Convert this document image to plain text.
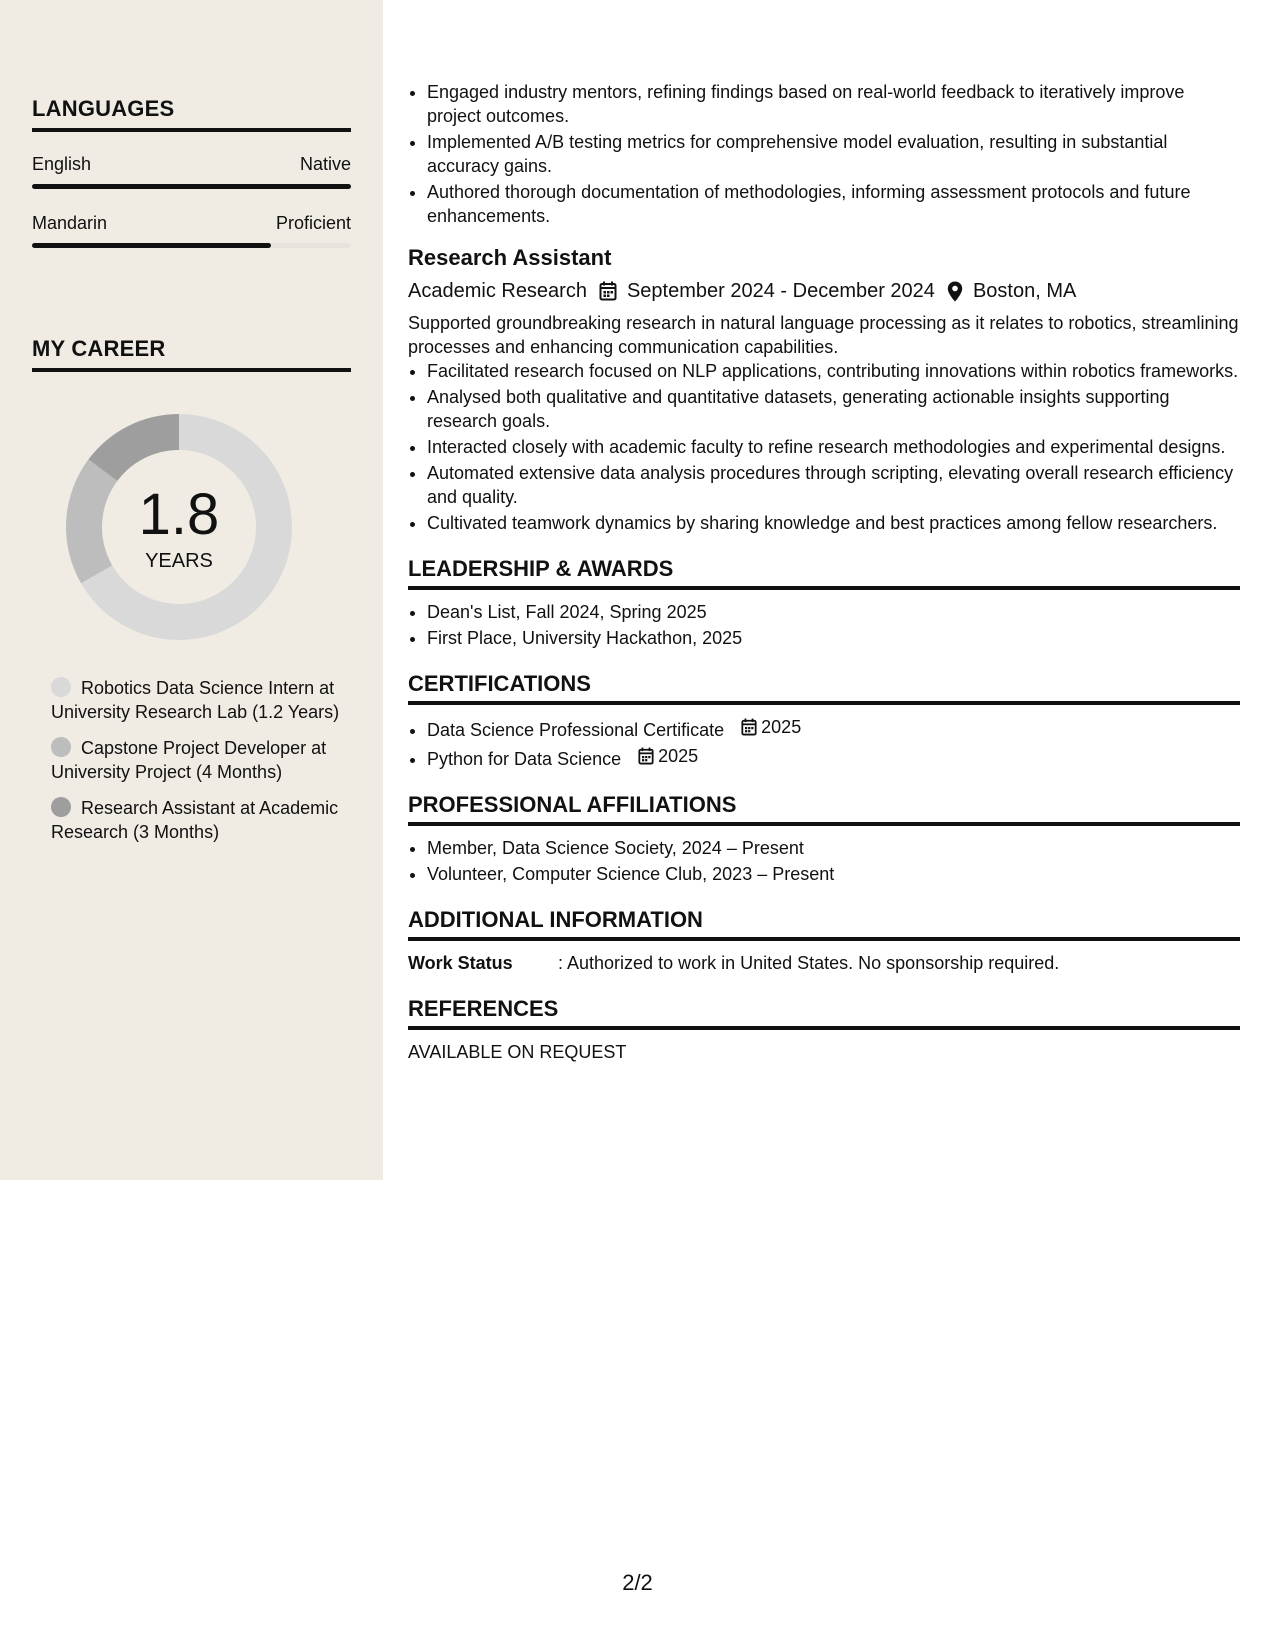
LANGUAGES
English	Native
Mandarin	Proficient
MY CAREER
1.8
YEARS
Robotics Data Science Intern at University Research Lab (1.2 Years)
Capstone Project Developer at University Project (4 Months)
Research Assistant at Academic Research (3 Months)
• Engaged industry mentors, refining findings based on real-world feedback to iteratively improve project outcomes.
• Implemented A/B testing metrics for comprehensive model evaluation, resulting in substantial accuracy gains.
• Authored thorough documentation of methodologies, informing assessment protocols and future enhancements.
Research Assistant
Academic Research September 2024 - December 2024 Boston, MA
Supported groundbreaking research in natural language processing as it relates to robotics, streamlining processes and enhancing communication capabilities.
• Facilitated research focused on NLP applications, contributing innovations within robotics frameworks.
• Analysed both qualitative and quantitative datasets, generating actionable insights supporting research goals.
• Interacted closely with academic faculty to refine research methodologies and experimental designs.
• Automated extensive data analysis procedures through scripting, elevating overall research efficiency and quality.
• Cultivated teamwork dynamics by sharing knowledge and best practices among fellow researchers.
LEADERSHIP & AWARDS
• Dean's List, Fall 2024, Spring 2025
• First Place, University Hackathon, 2025
CERTIFICATIONS
• Data Science Professional Certificate 2025
• Python for Data Science 2025
PROFESSIONAL AFFILIATIONS
• Member, Data Science Society, 2024 – Present
• Volunteer, Computer Science Club, 2023 – Present
ADDITIONAL INFORMATION
Work Status	: Authorized to work in United States. No sponsorship required.
REFERENCES
AVAILABLE ON REQUEST
2/2
